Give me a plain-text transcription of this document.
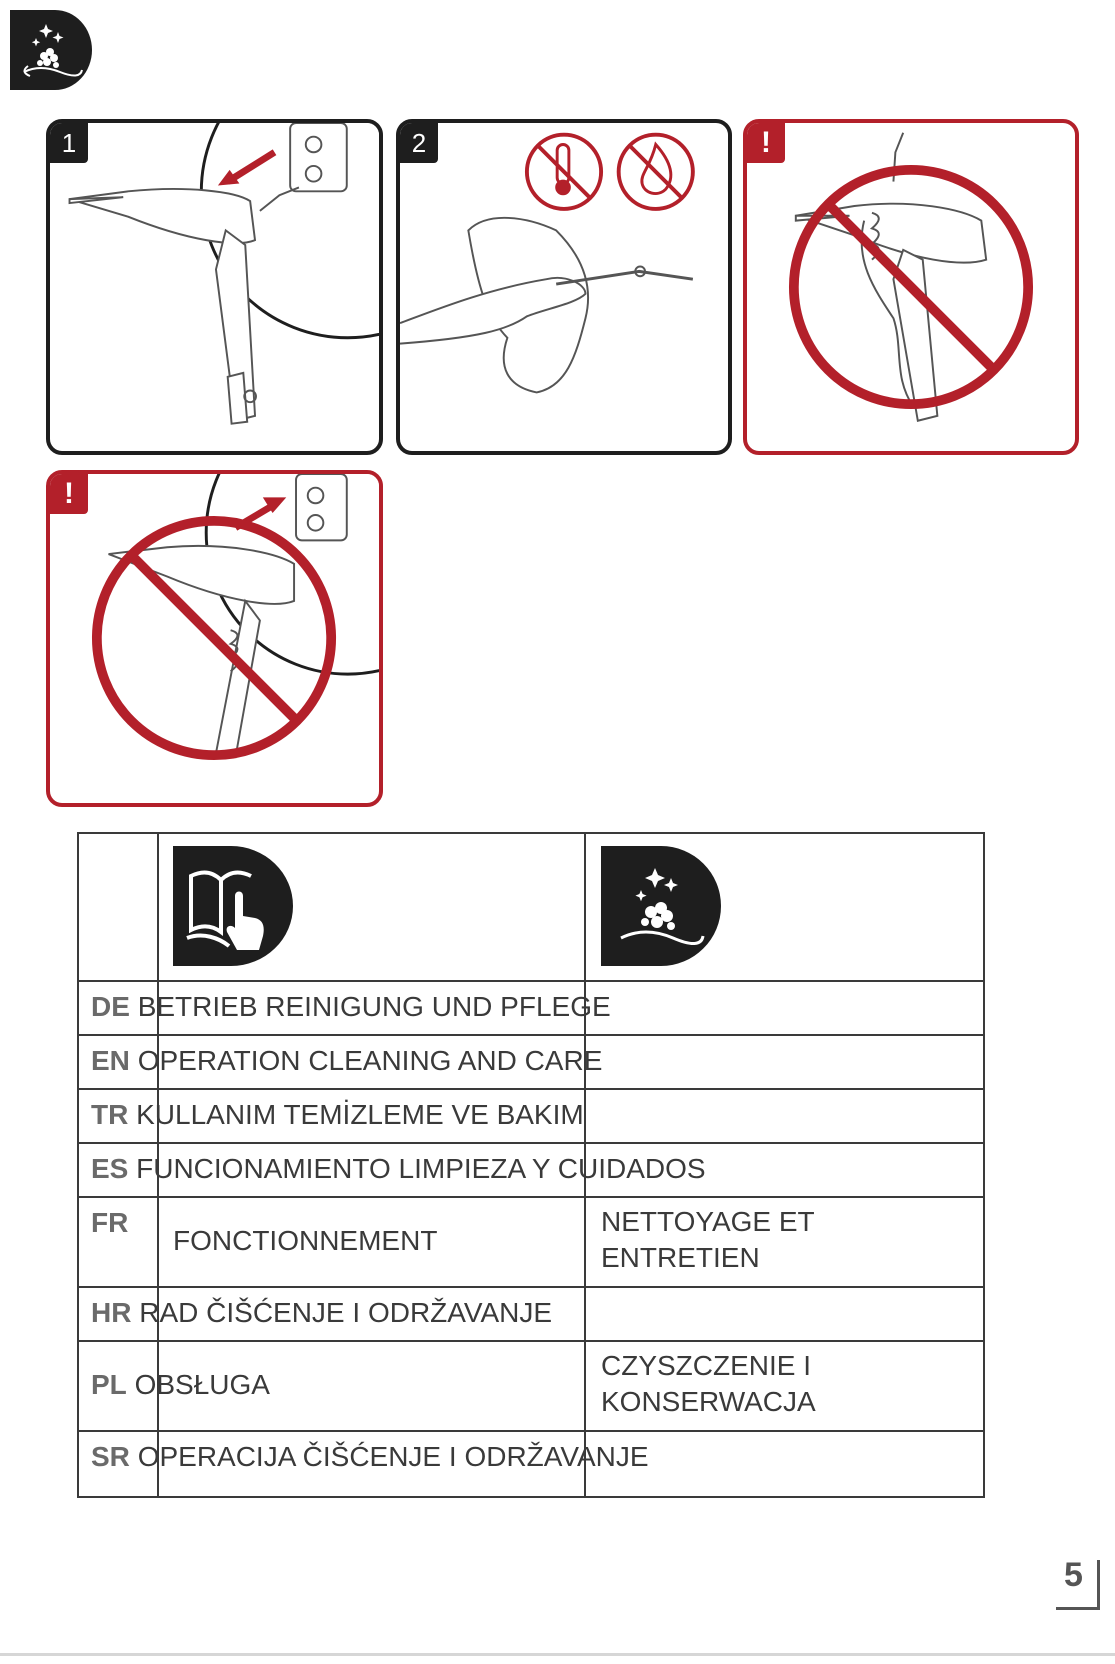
1	2	!
!
DE BETRIEB REINIGUNG UND PFLEGE
EN OPERATION CLEANING AND CARE
TR KULLANIM TEMİZLEME VE BAKIM
ES FUNCIONAMIENTO LIMPIEZA Y CUIDADOS
FR
FONCTIONNEMENT
NETTOYAGE ET ENTRETIEN
HR RAD ČIŠĆENJE I ODRŽAVANJE
PL OBSŁUGA
CZYSZCZENIE I KONSERWACJA
SR OPERACIJA ČIŠĆENJE I ODRŽAVANJE
5
